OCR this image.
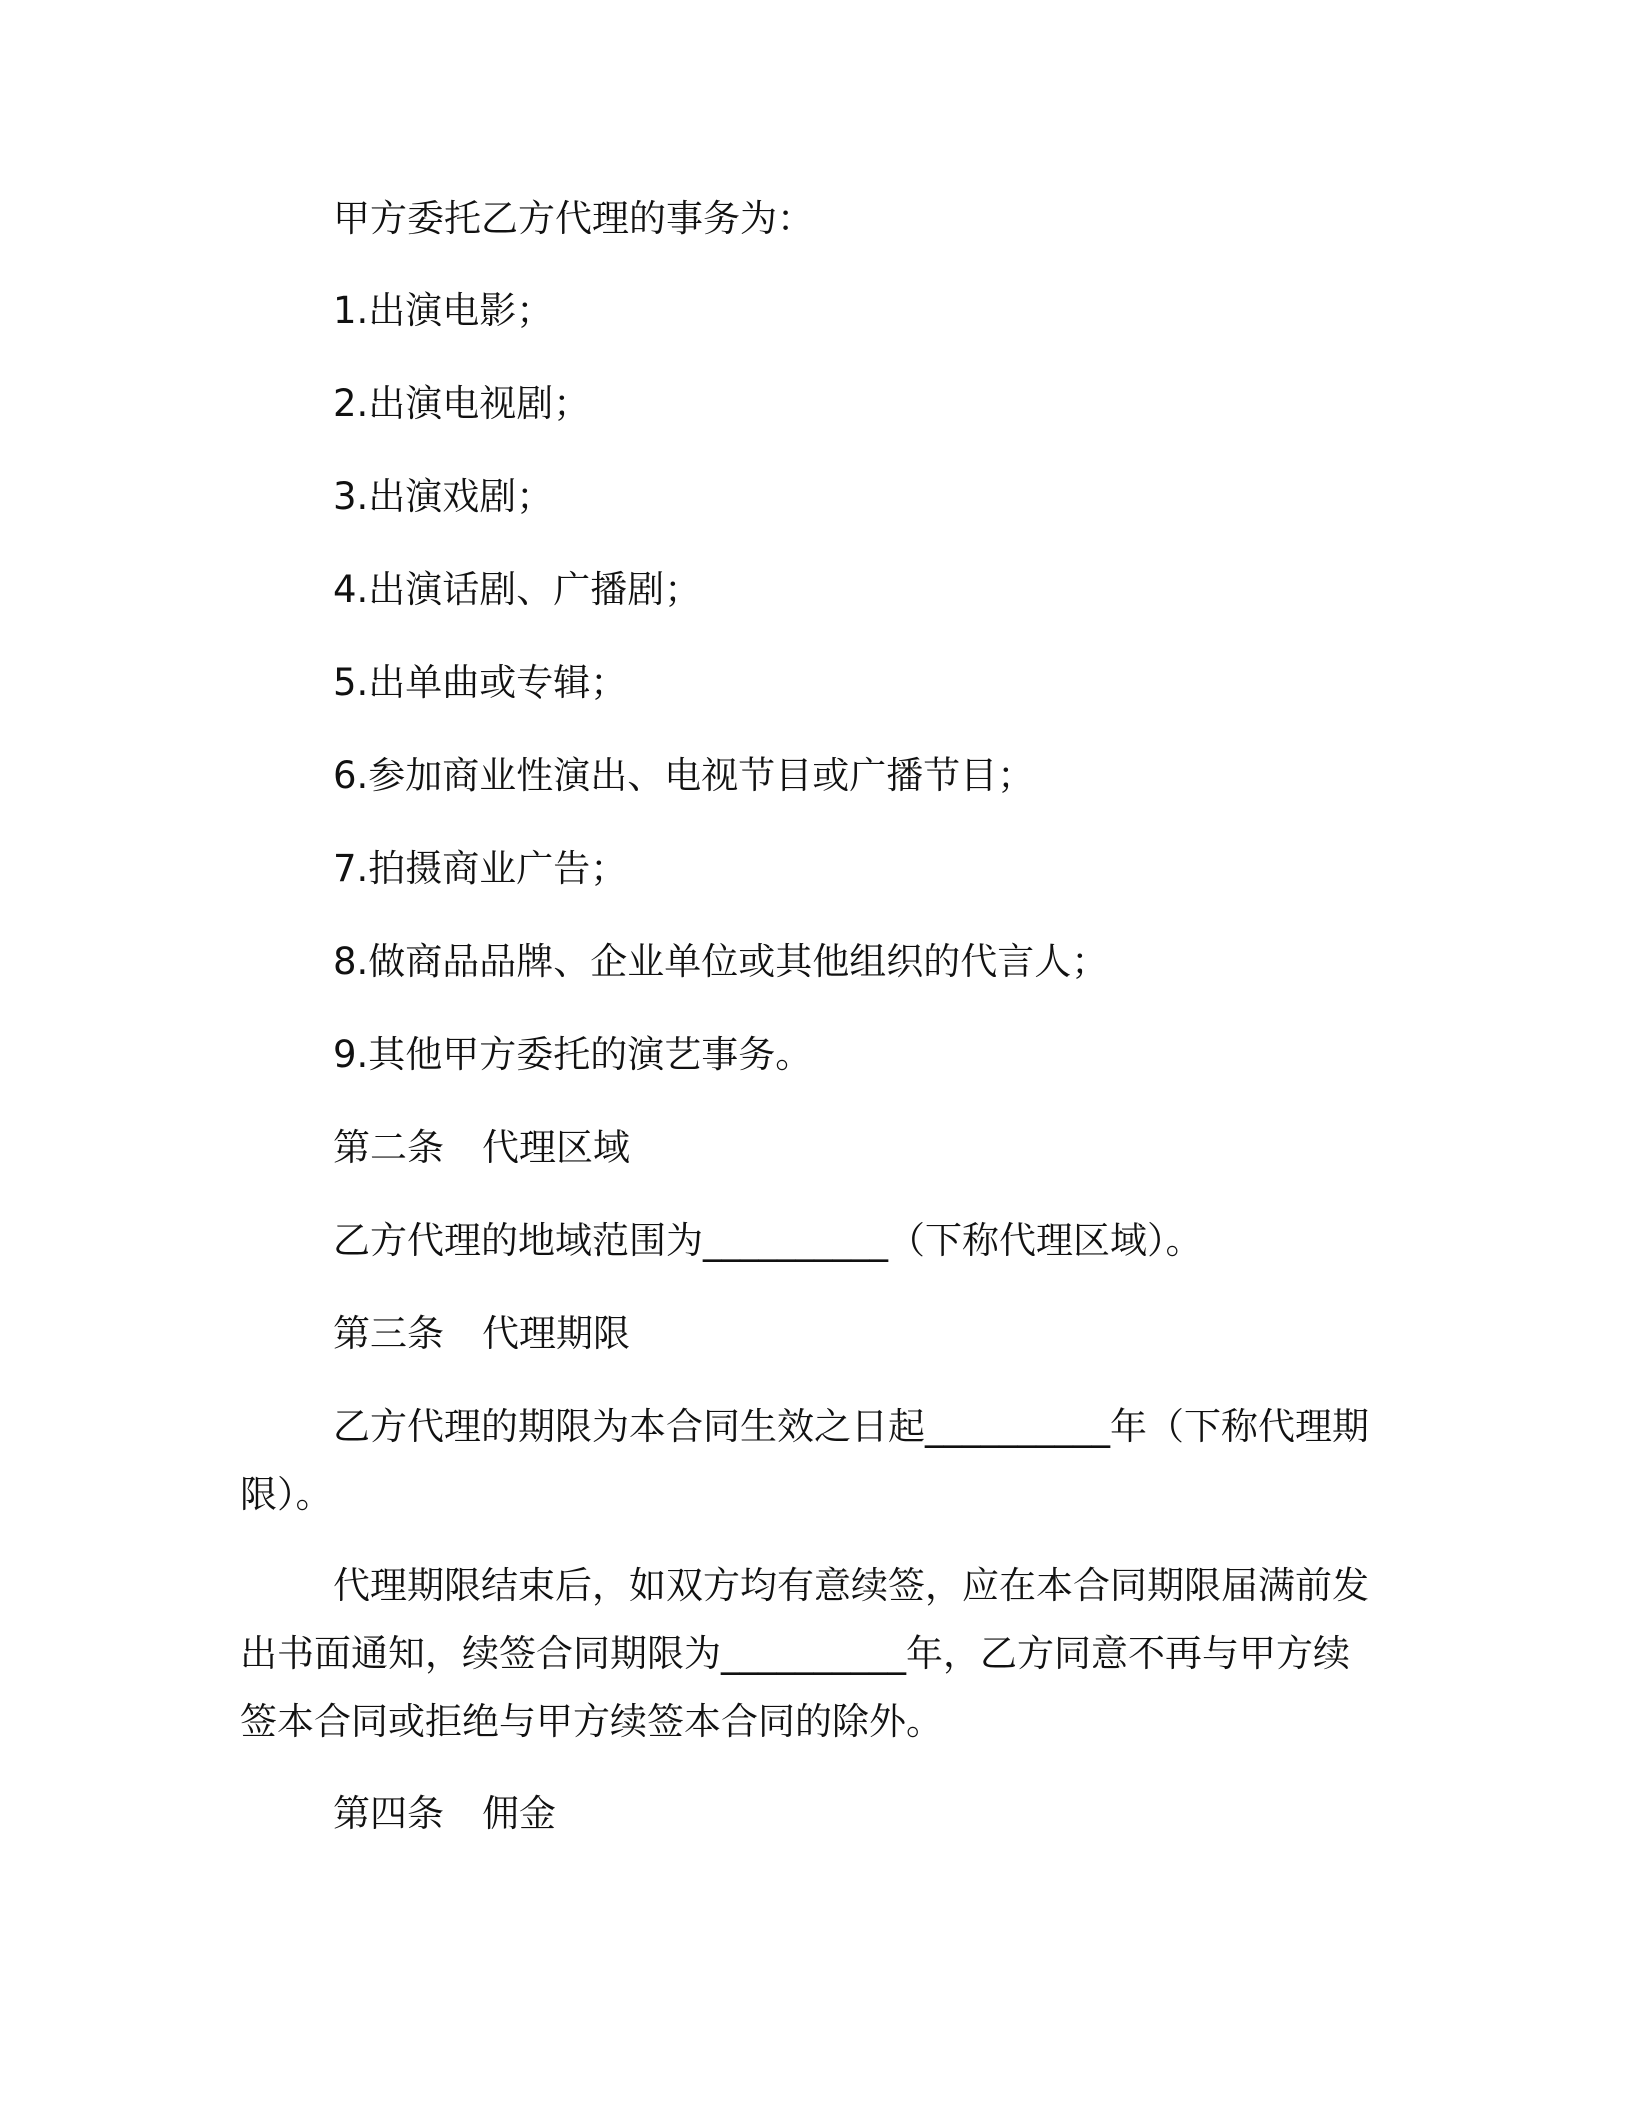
甲方委托乙方代理的事务为：

1.出演电影；

2.出演电视剧；

3.出演戏剧；

4.出演话剧、广播剧；

5.出单曲或专辑；

6.参加商业性演出、电视节目或广播节目；

7.拍摄商业广告；

8.做商品品牌、企业单位或其他组织的代言人；

9.其他甲方委托的演艺事务。

第二条 代理区域

乙方代理的地域范围为__________（下称代理区域）。

第三条 代理期限

乙方代理的期限为本合同生效之日起__________年（下称代理期

限）。

代理期限结束后，如双方均有意续签，应在本合同期限届满前发

出书面通知，续签合同期限为__________年，乙方同意不再与甲方续

签本合同或拒绝与甲方续签本合同的除外。

第四条 佣金
